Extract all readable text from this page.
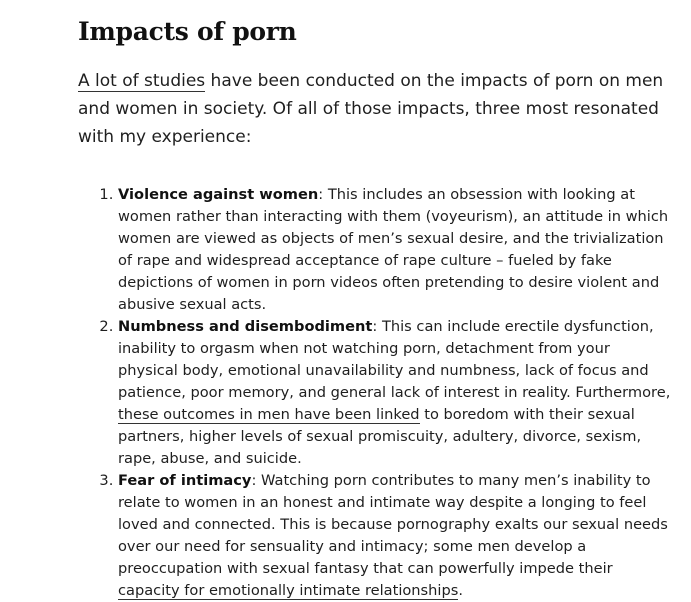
Impacts of porn

A lot of studies have been conducted on the impacts of porn on men and women in society. Of all of those impacts, three most resonated with my experience:

1. Violence against women: This includes an obsession with looking at women rather than interacting with them (voyeurism), an attitude in which women are viewed as objects of men’s sexual desire, and the trivialization of rape and widespread acceptance of rape culture – fueled by fake depictions of women in porn videos often pretending to desire violent and abusive sexual acts.
2. Numbness and disembodiment: This can include erectile dysfunction, inability to orgasm when not watching porn, detachment from your physical body, emotional unavailability and numbness, lack of focus and patience, poor memory, and general lack of interest in reality. Furthermore, these outcomes in men have been linked to boredom with their sexual partners, higher levels of sexual promiscuity, adultery, divorce, sexism, rape, abuse, and suicide.
3. Fear of intimacy: Watching porn contributes to many men’s inability to relate to women in an honest and intimate way despite a longing to feel loved and connected. This is because pornography exalts our sexual needs over our need for sensuality and intimacy; some men develop a preoccupation with sexual fantasy that can powerfully impede their capacity for emotionally intimate relationships.
